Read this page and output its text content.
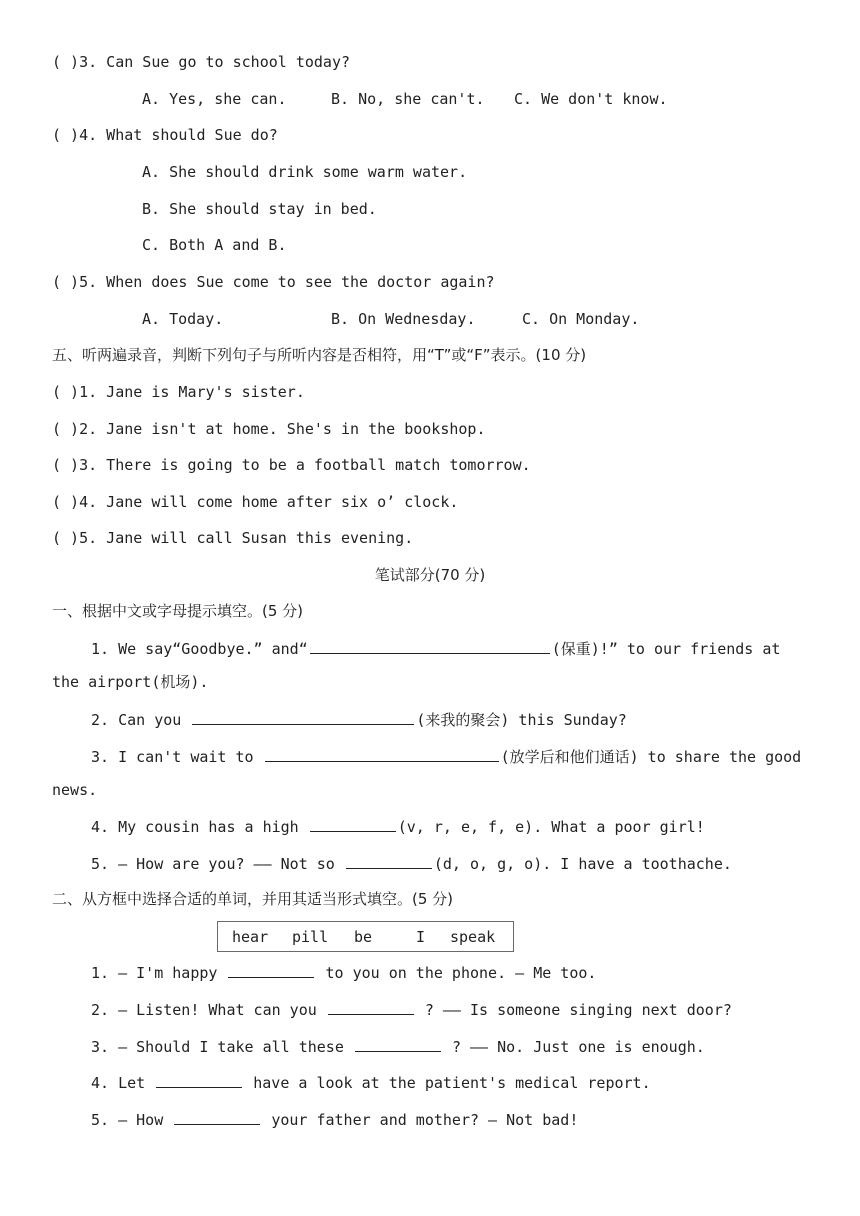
( )3. Can Sue go to school today?
A. Yes, she can.	B. No, she can't. C. We don't know.
( )4. What should Sue do?
A. She should drink some warm water.
B. She should stay in bed.
C. Both A and B.
( )5. When does Sue come to see the doctor again?
A. Today.	B. On Wednesday.	C. On Monday.
五、听两遍录音，判断下列句子与所听内容是否相符，用“T”或“F”表示。(10 分)
( )1. Jane is Mary's sister.
( )2. Jane isn't at home. She's in the bookshop.
( )3. There is going to be a football match tomorrow.
( )4. Jane will come home after six o’ clock.
( )5. Jane will call Susan this evening.
笔试部分(70 分)
一、根据中文或字母提示填空。(5 分)
1. We say“Goodbye.” and“	(保重)!” to our friends at
the airport(机场).
2. Can you	(来我的聚会) this Sunday?
3. I can't wait to	(放学后和他们通话) to share the good
news.
4. My cousin has a high	(v, r, e, f, e). What a poor girl!
5. — How are you? —— Not so	(d, o, g, o). I have a toothache.
二、从方框中选择合适的单词，并用其适当形式填空。(5 分)
hear pill be	I speak
1. — I'm happy	to you on the phone. — Me too.
2. — Listen! What can you	? —— Is someone singing next door?
3. — Should I take all these	? —— No. Just one is enough.
4. Let	have a look at the patient's medical report.
5. — How	your father and mother? — Not bad!
